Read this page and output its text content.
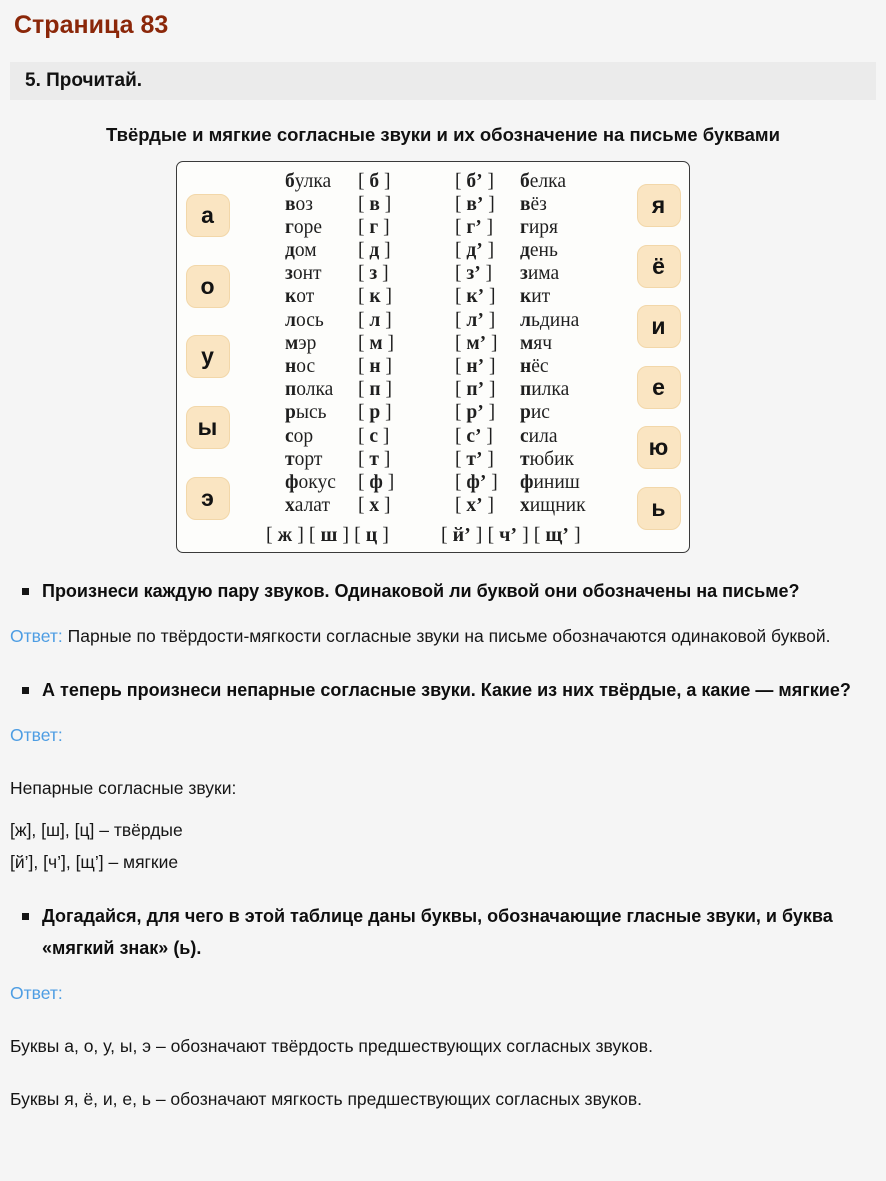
Страница 83
5. Прочитай.
Твёрдые и мягкие согласные звуки и их обозначение на письме буквами
а
о
у
ы
э
булка	[ б ]	[ б’ ]	белка
воз	[ в ]	[ в’ ]	вёз
горе	[ г ]	[ г’ ]	гиря
дом	[ д ]	[ д’ ]	день
зонт	[ з ]	[ з’ ]	зима
кот	[ к ]	[ к’ ]	кит
лось	[ л ]	[ л’ ]	льдина
мэр	[ м ]	[ м’ ]	мяч
нос	[ н ]	[ н’ ]	нёс
полка	[ п ]	[ п’ ]	пилка
рысь	[ р ]	[ р’ ]	рис
сор	[ с ]	[ с’ ]	сила
торт	[ т ]	[ т’ ]	тюбик
фокус	[ ф ]	[ ф’ ]	финиш
халат	[ х ]	[ х’ ]	хищник
[ ж ] [ ш ] [ ц ]	[ й’ ] [ ч’ ] [ щ’ ]
я
ё
и
е
ю
ь
Произнеси каждую пару звуков. Одинаковой ли буквой они обозначены на письме?

Ответ: Парные по твёрдости-мягкости согласные звуки на письме обозначаются одинаковой буквой.

А теперь произнеси непарные согласные звуки. Какие из них твёрдые, а какие — мягкие?

Ответ:

Непарные согласные звуки:

[ж], [ш], [ц] – твёрдые
[й’], [ч’], [щ’] – мягкие

Догадайся, для чего в этой таблице даны буквы, обозначающие гласные звуки, и буква «мягкий знак» (ь).

Ответ:

Буквы а, о, у, ы, э – обозначают твёрдость предшествующих согласных звуков.

Буквы я, ё, и, е, ь – обозначают мягкость предшествующих согласных звуков.
